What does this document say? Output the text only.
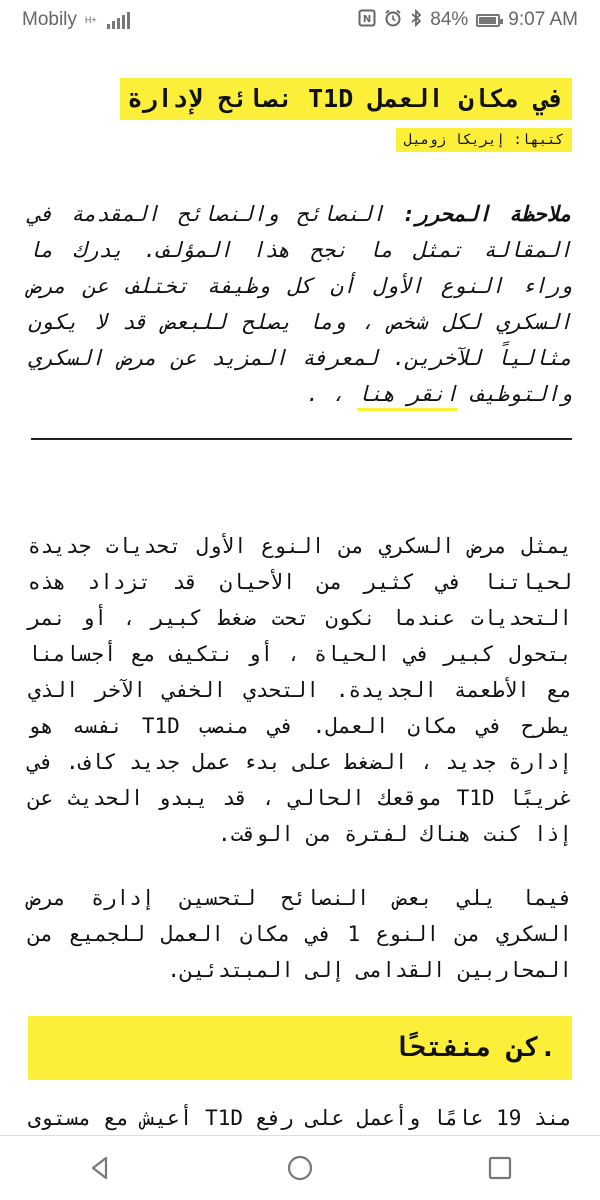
Mobily H+	N	84% 9:07 AM
في مكان العمل T1D نصائح لإدارة
كتبها: إيريكا زوميل
ملاحظة المحرر: النصائح والنصائح المقدمة في المقالة تمثل ما نجح هذا المؤلف. يدرك ما وراء النوع الأول أن كل وظيفة تختلف عن مرض السكري لكل شخص ، وما يصلح للبعض قد لا يكون مثالياً للآخرين. لمعرفة المزيد عن مرض السكري والتوظيف انقر هنا ، .
يمثل مرض السكري من النوع الأول تحديات جديدة لحياتنا في كثير من الأحيان قد تزداد هذه التحديات عندما نكون تحت ضغط كبير ، أو نمر بتحول كبير في الحياة ، أو نتكيف مع أجسامنا مع الأطعمة الجديدة. التحدي الخفي الآخر الذي يطرح في مكان العمل. في منصب T1D نفسه هو إدارة جديد ، الضغط على بدء عمل جديد كاف. في غريبًا T1D موقعك الحالي ، قد يبدو الحديث عن إذا كنت هناك لفترة من الوقت.
فيما يلي بعض النصائح لتحسين إدارة مرض السكري من النوع 1 في مكان العمل للجميع من المحاربين القدامى إلى المبتدئين.
.كن منفتحًا
منذ 19 عامًا وأعمل على رفع T1D أعيش مع مستوى
